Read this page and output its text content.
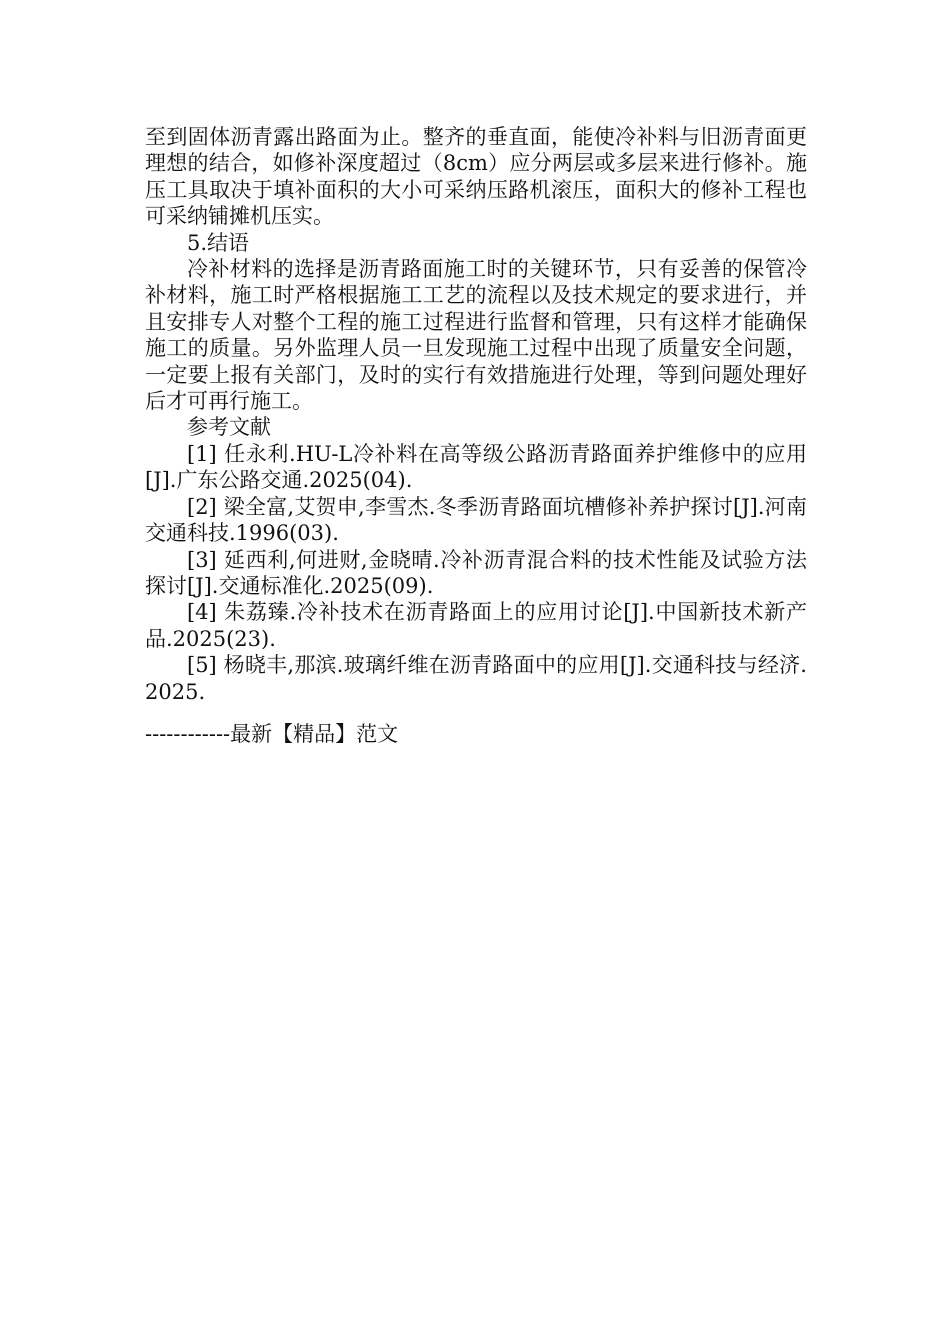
至到固体沥青露出路面为止。整齐的垂直面，能使冷补料与旧沥青面更理想的结合，如修补深度超过（8cm）应分两层或多层来进行修补。施压工具取决于填补面积的大小可采纳压路机滚压，面积大的修补工程也可采纳铺摊机压实。

5.结语

冷补材料的选择是沥青路面施工时的关键环节，只有妥善的保管冷补材料，施工时严格根据施工工艺的流程以及技术规定的要求进行，并且安排专人对整个工程的施工过程进行监督和管理，只有这样才能确保施工的质量。另外监理人员一旦发现施工过程中出现了质量安全问题，一定要上报有关部门，及时的实行有效措施进行处理，等到问题处理好后才可再行施工。

参考文献

[1] 任永利.HU-L冷补料在高等级公路沥青路面养护维修中的应用[J].广东公路交通.2025(04).

[2] 梁全富,艾贺申,李雪杰.冬季沥青路面坑槽修补养护探讨[J].河南交通科技.1996(03).

[3] 延西利,何进财,金晓晴.冷补沥青混合料的技术性能及试验方法探讨[J].交通标准化.2025(09).

[4] 朱荔臻.冷补技术在沥青路面上的应用讨论[J].中国新技术新产品.2025(23).

[5] 杨晓丰,那滨.玻璃纤维在沥青路面中的应用[J].交通科技与经济.2025.

------------最新【精品】范文
